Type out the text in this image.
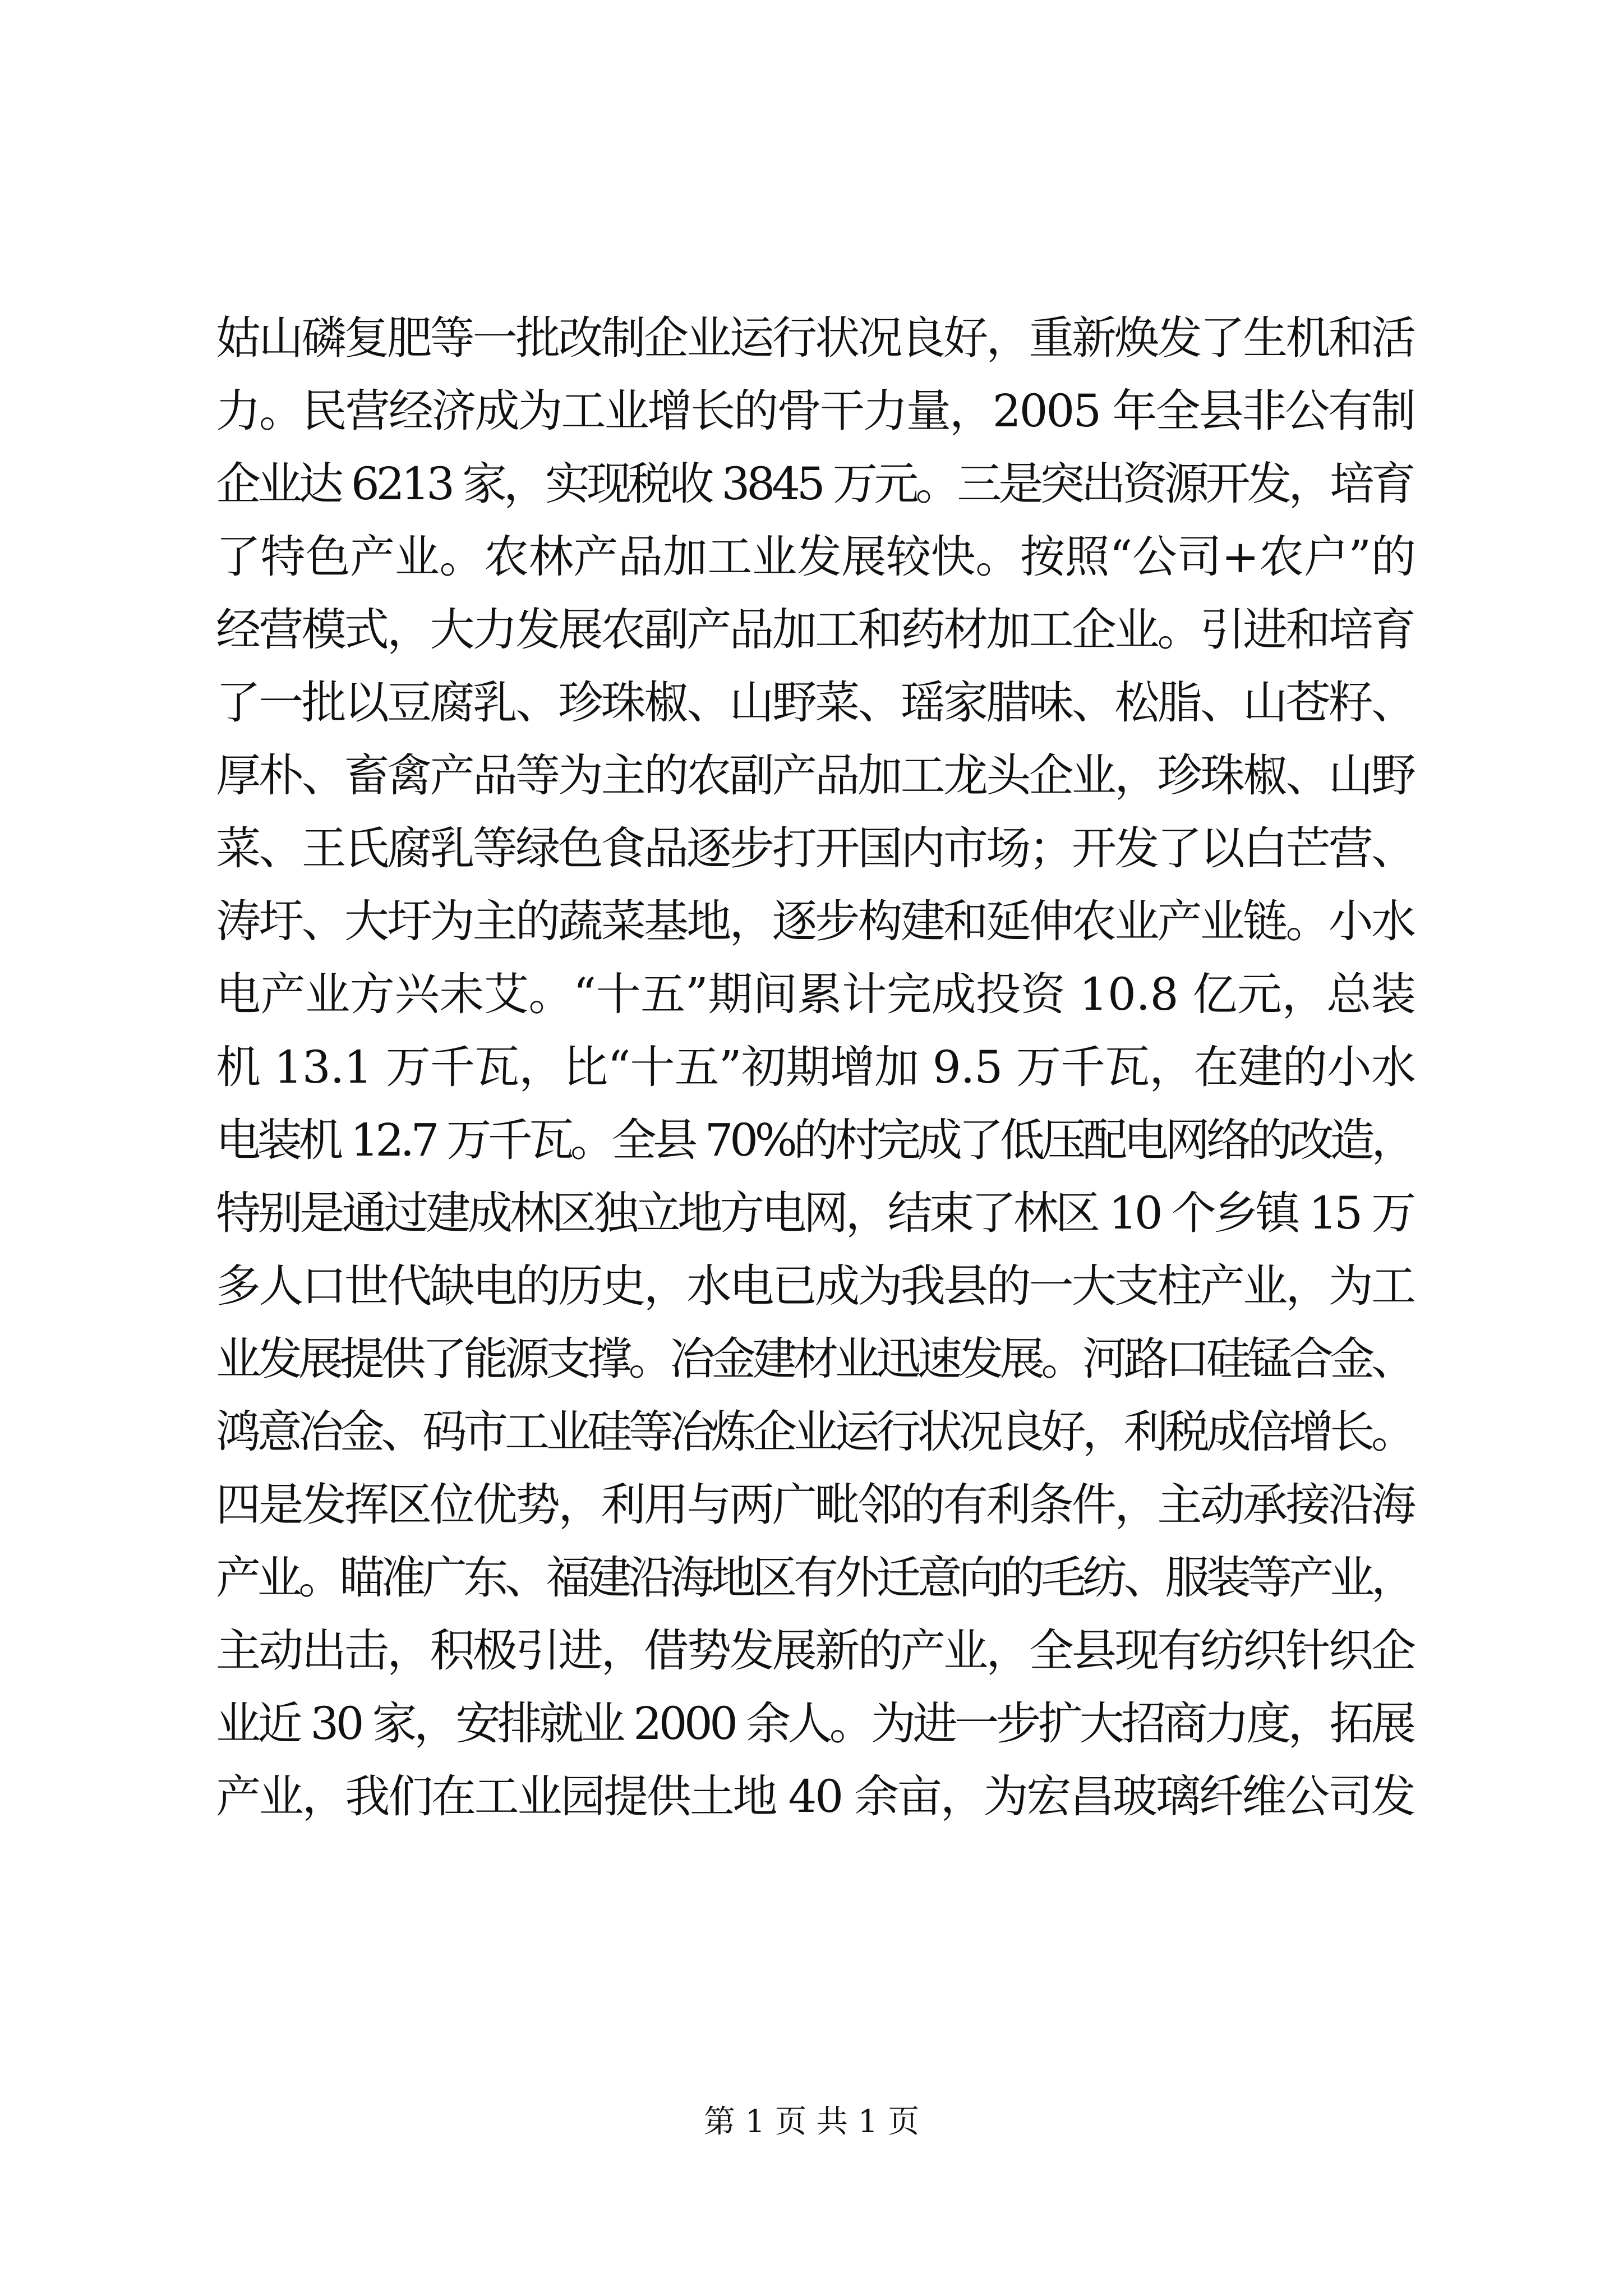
姑山磷复肥等一批改制企业运行状况良好，重新焕发了生机和活
力。民营经济成为工业增长的骨干力量，2005 年全县非公有制
企业达 6213 家，实现税收 3845 万元。三是突出资源开发，培育
了特色产业。农林产品加工业发展较快。按照“公司+农户”的
经营模式，大力发展农副产品加工和药材加工企业。引进和培育
了一批以豆腐乳、珍珠椒、山野菜、瑶家腊味、松脂、山苍籽、
厚朴、畜禽产品等为主的农副产品加工龙头企业，珍珠椒、山野
菜、王氏腐乳等绿色食品逐步打开国内市场；开发了以白芒营、
涛圩、大圩为主的蔬菜基地，逐步构建和延伸农业产业链。小水
电产业方兴未艾。“十五”期间累计完成投资 10.8 亿元，总装
机 13.1 万千瓦，比“十五”初期增加 9.5 万千瓦，在建的小水
电装机 12.7 万千瓦。全县 70%的村完成了低压配电网络的改造，
特别是通过建成林区独立地方电网，结束了林区 10 个乡镇 15 万
多人口世代缺电的历史，水电已成为我县的一大支柱产业，为工
业发展提供了能源支撑。冶金建材业迅速发展。河路口硅锰合金、
鸿意冶金、码市工业硅等冶炼企业运行状况良好，利税成倍增长。
四是发挥区位优势，利用与两广毗邻的有利条件，主动承接沿海
产业。瞄准广东、福建沿海地区有外迁意向的毛纺、服装等产业，
主动出击，积极引进，借势发展新的产业，全县现有纺织针织企
业近 30 家，安排就业 2000 余人。为进一步扩大招商力度，拓展
产业，我们在工业园提供土地 40 余亩，为宏昌玻璃纤维公司发
第 1 页 共 1 页
